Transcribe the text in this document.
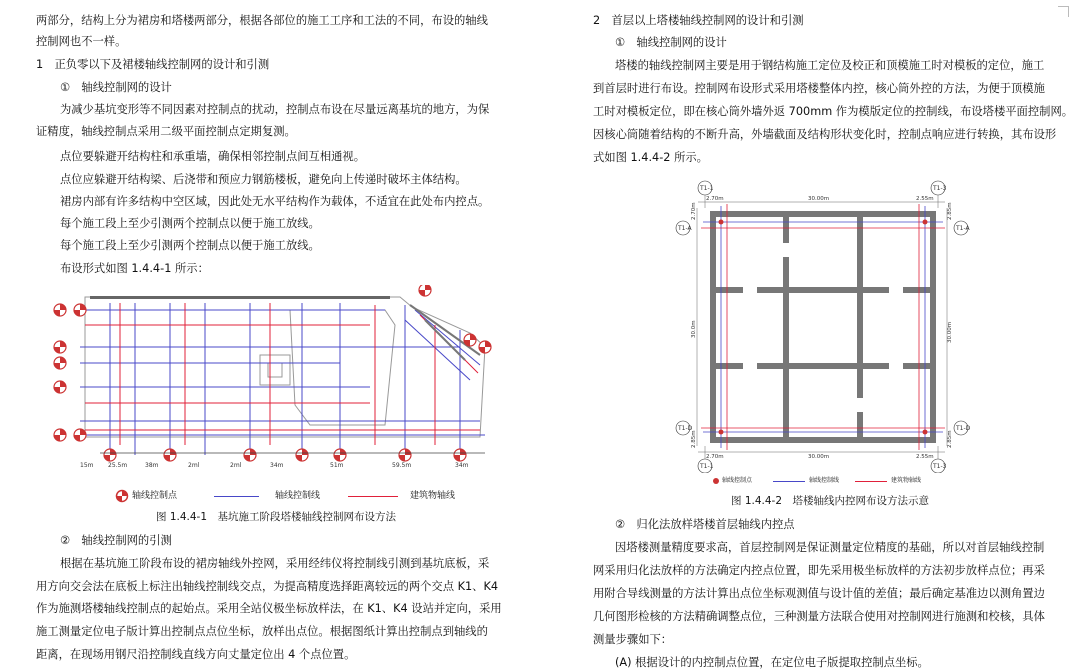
两部分，结构上分为裙房和塔楼两部分，根据各部位的施工工序和工法的不同，布设的轴线
控制网也不一样。
1　正负零以下及裙楼轴线控制网的设计和引测
①　轴线控制网的设计
为减少基坑变形等不同因素对控制点的扰动，控制点布设在尽量远离基坑的地方，为保
证精度，轴线控制点采用二级平面控制点定期复测。
点位要躲避开结构柱和承重墙，确保相邻控制点间互相通视。
点位应躲避开结构梁、后浇带和预应力钢筋楼板，避免向上传递时破坏主体结构。
裙房内部有许多结构中空区域，因此处无水平结构作为载体，不适宜在此处布内控点。
每个施工段上至少引测两个控制点以便于施工放线。
每个施工段上至少引测两个控制点以便于施工放线。
布设形式如图 1.4.4-1 所示：
15m 25.5m	38m	2ml	2ml	34m	51m	59.5m	34m
轴线控制点	轴线控制线	建筑物轴线
图 1.4.4-1　基坑施工阶段塔楼轴线控制网布设方法
②　轴线控制网的引测
根据在基坑施工阶段布设的裙房轴线外控网，采用经纬仪将控制线引测到基坑底板，采
用方向交会法在底板上标注出轴线控制线交点，为提高精度选择距离较远的两个交点 K1、K4
作为施测塔楼轴线控制点的起始点。采用全站仪极坐标放样法，在 K1、K4 设站并定向，采用
施工测量定位电子版计算出控制点点位坐标，放样出点位。根据图纸计算出控制点到轴线的
距离，在现场用钢尺沿控制线直线方向丈量定位出 4 个点位置。
2　首层以上塔楼轴线控制网的设计和引测
①　轴线控制网的设计
塔楼的轴线控制网主要是用于钢结构施工定位及校正和顶模施工时对模板的定位，施工
到首层时进行布设。控制网布设形式采用塔楼整体内控，核心筒外控的方法，为便于顶模施
工时对模板定位，即在核心筒外墙外返 700mm 作为模版定位的控制线，布设塔楼平面控制网。
因核心筒随着结构的不断升高，外墙截面及结构形状变化时，控制点响应进行转换，其布设形
式如图 1.4.4-2 所示。
T1-1	T1-3
T1-A
T1-D
T1-1	T1-3
T1-A
T1-D
2.70m	30.00m	2.55m
2.70m	30.00m	2.55m
2.70m
30.0m
2.85m
2.85m
30.00m
2.85m
轴线控制点	轴线控制线	建筑物轴线
图 1.4.4-2　塔楼轴线内控网布设方法示意
②　归化法放样塔楼首层轴线内控点
因塔楼测量精度要求高，首层控制网是保证测量定位精度的基础，所以对首层轴线控制
网采用归化法放样的方法确定内控点位置，即先采用极坐标放样的方法初步放样点位；再采
用附合导线测量的方法计算出点位坐标观测值与设计值的差值；最后确定基准边以测角置边
几何图形检核的方法精确调整点位，三种测量方法联合使用对控制网进行施测和校核，具体
测量步骤如下：
(A) 根据设计的内控制点位置，在定位电子版提取控制点坐标。
